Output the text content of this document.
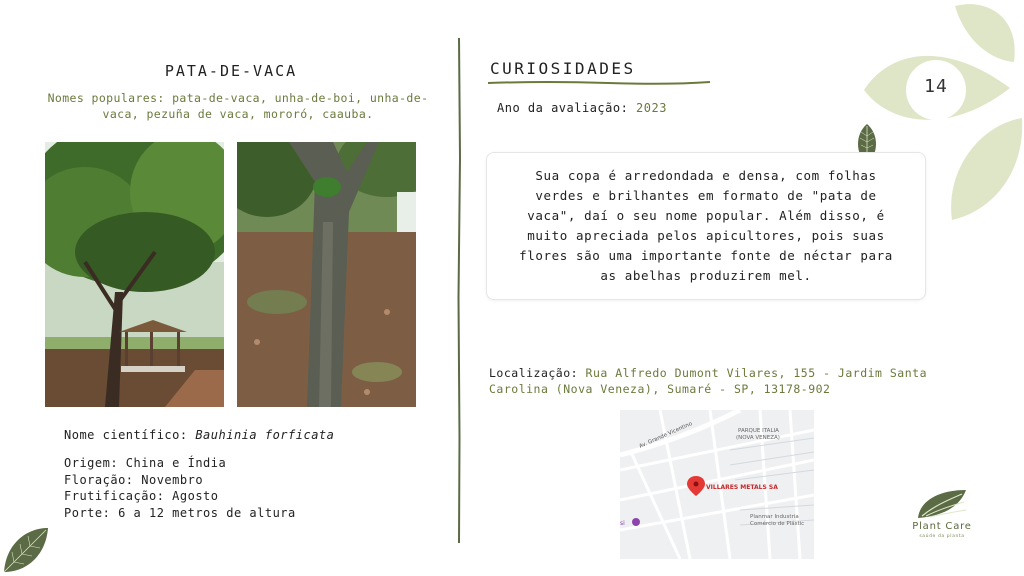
PATA-DE-VACA
Nomes populares: pata-de-vaca, unha-de-boi, unha-de-vaca, pezuña de vaca, mororó, caauba.
Nome científico: Bauhinia forficata
Origem: China e Índia
Floração: Novembro
Frutificação: Agosto
Porte: 6 a 12 metros de altura
CURIOSIDADES
Ano da avaliação: 2023

Sua copa é arredondada e densa, com folhas verdes e brilhantes em formato de "pata de vaca", daí o seu nome popular. Além disso, é muito apreciada pelos apicultores, pois suas flores são uma importante fonte de néctar para as abelhas produzirem mel.

Localização: Rua Alfredo Dumont Vilares, 155 - Jardim Santa Carolina (Nova Veneza), Sumaré - SP, 13178-902
Av. Grande Vicentino	PARQUE ITALIA
(NOVA VENEZA)
VILLARES METALS SA
Planmar Industria
Comércio de Plástic
si
14
Plant Care
saúde da planta
